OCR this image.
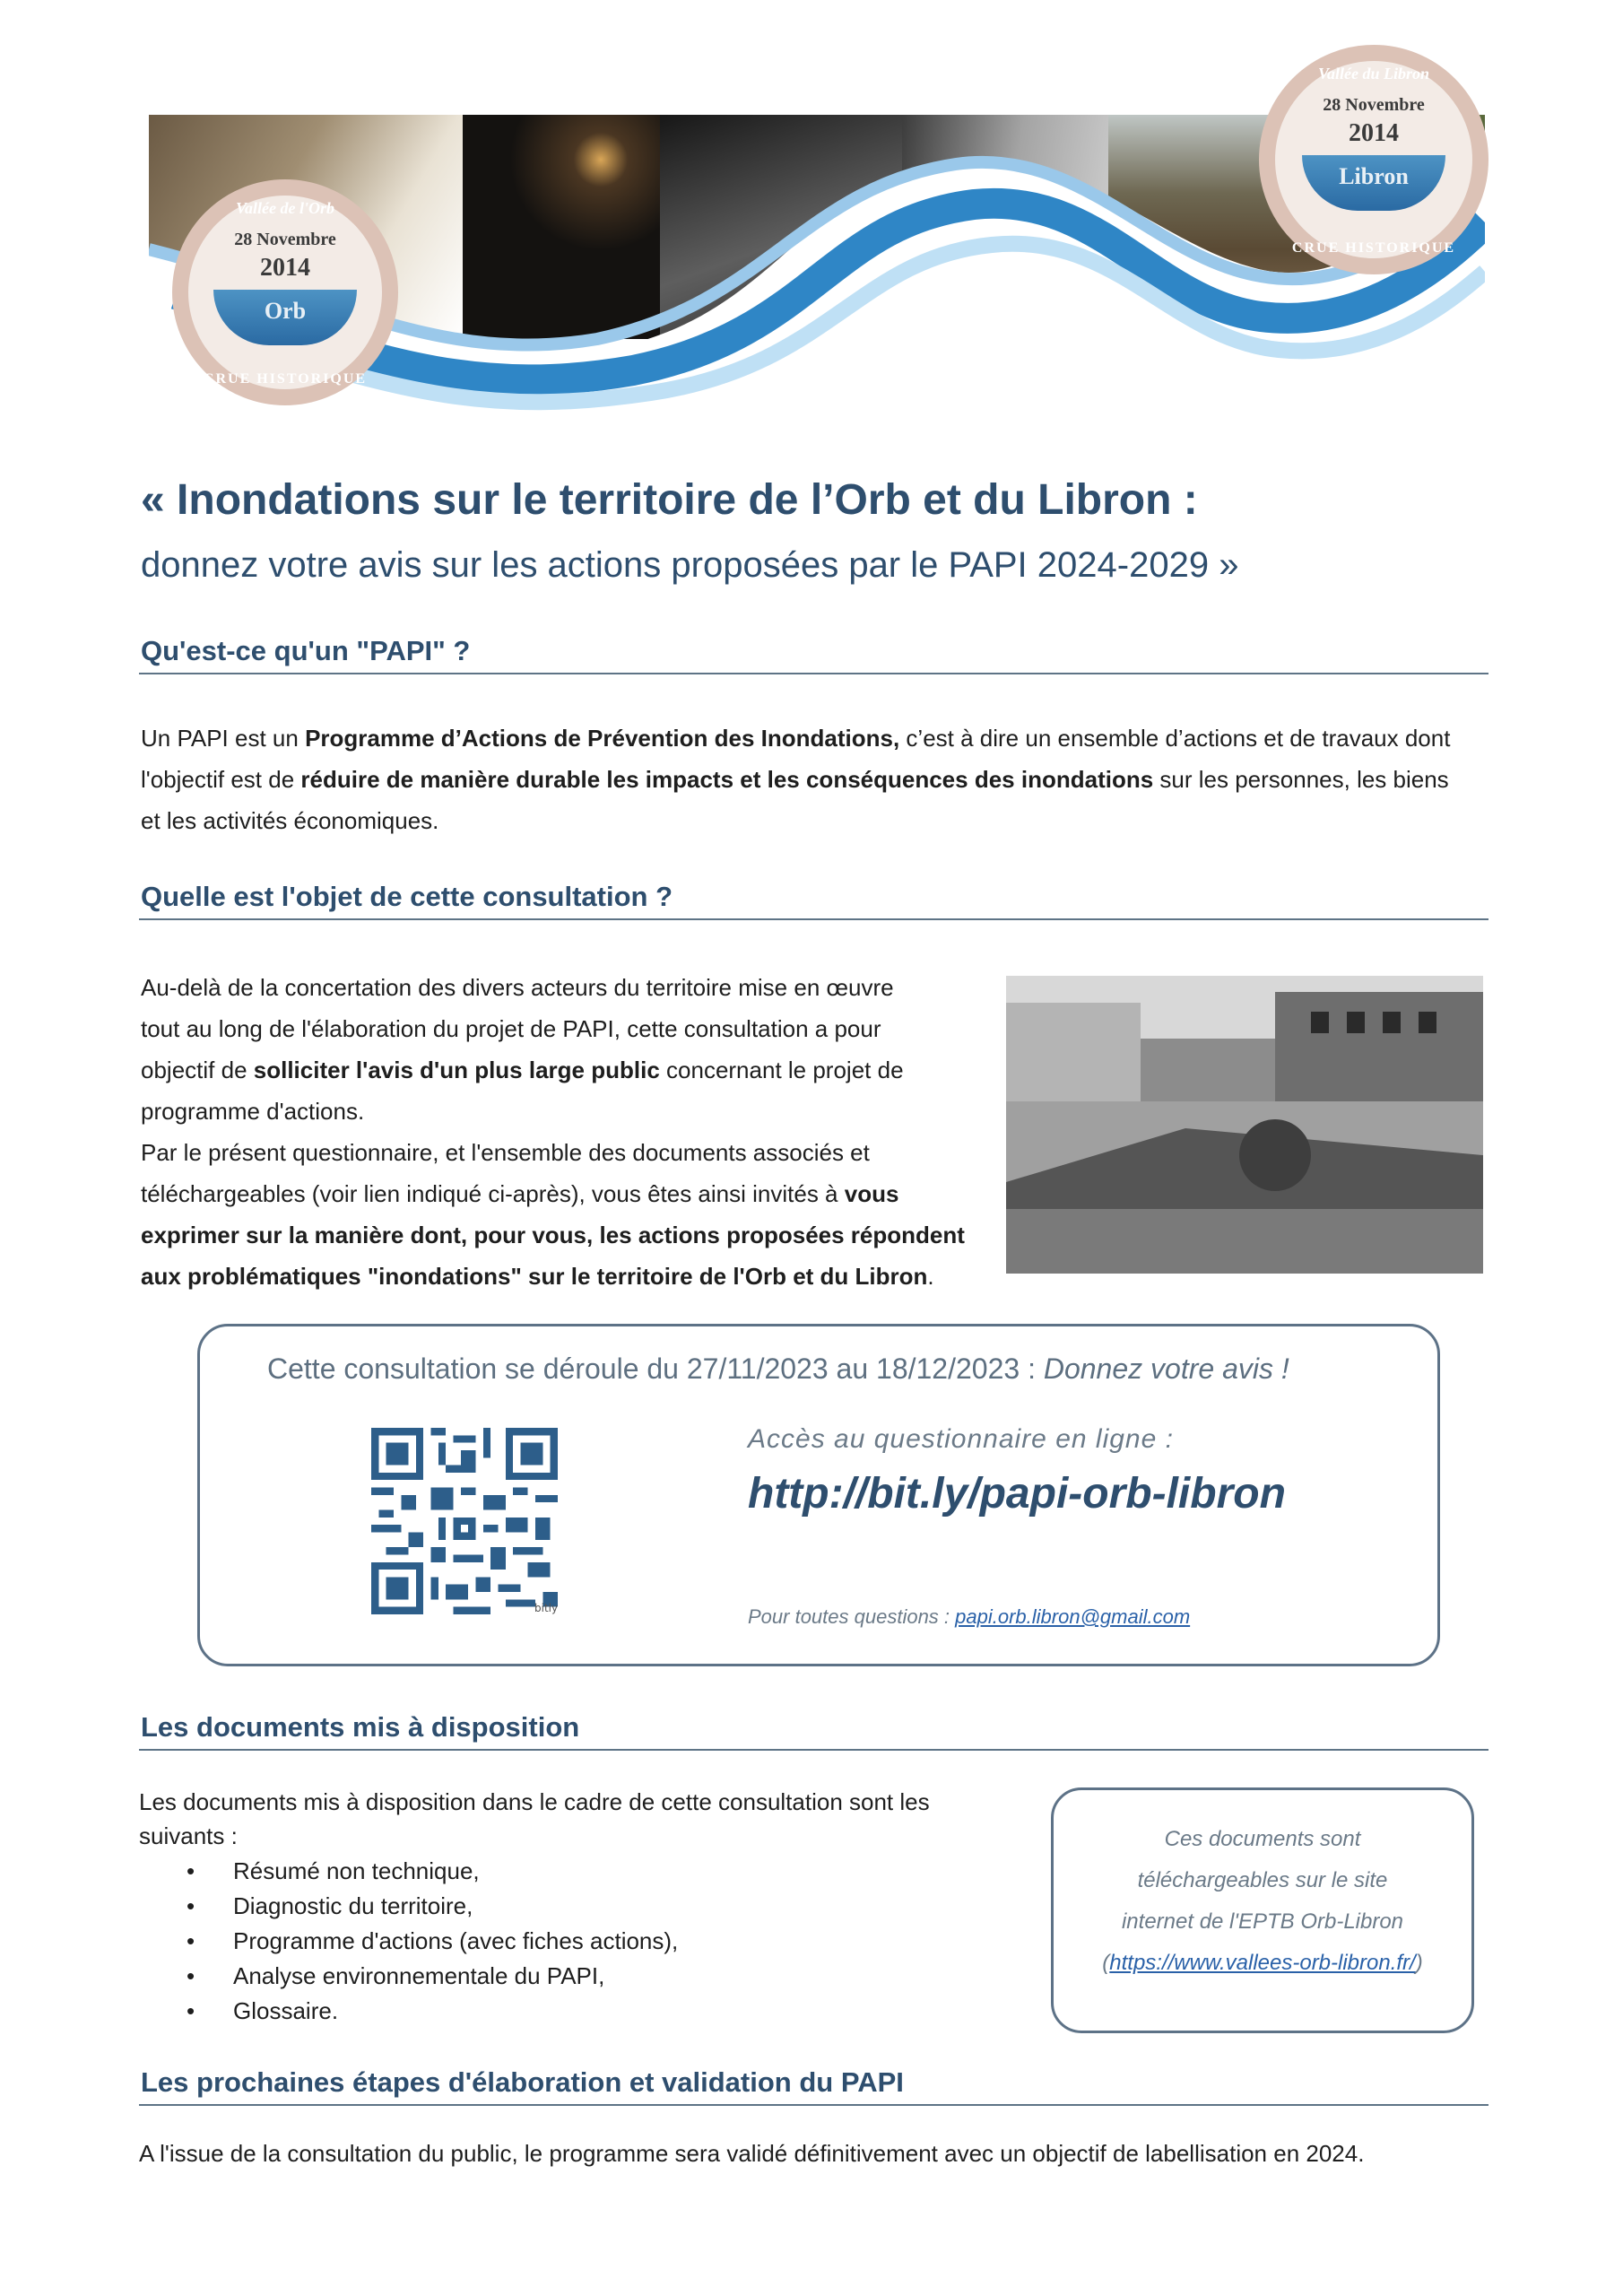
Vallée de l'Orb
28 Novembre
2014
Orb
CRUE HISTORIQUE
Vallée du Libron
28 Novembre
2014
Libron
CRUE HISTORIQUE
« Inondations sur le territoire de l’Orb et du Libron :
donnez votre avis sur les actions proposées par le PAPI 2024-2029 »
Qu'est-ce qu'un "PAPI" ?
Un PAPI est un Programme d’Actions de Prévention des Inondations, c’est à dire un ensemble d’actions et de travaux dont
l'objectif est de réduire de manière durable les impacts et les conséquences des inondations sur les personnes, les biens
et les activités économiques.
Quelle est l'objet de cette consultation ?
Au-delà de la concertation des divers acteurs du territoire mise en œuvre
tout au long de l'élaboration du projet de PAPI, cette consultation a pour
objectif de solliciter l'avis d'un plus large public concernant le projet de
programme d'actions.
Par le présent questionnaire, et l'ensemble des documents associés et
téléchargeables (voir lien indiqué ci-après), vous êtes ainsi invités à vous
exprimer sur la manière dont, pour vous, les actions proposées répondent
aux problématiques "inondations" sur le territoire de l'Orb et du Libron.
Cette consultation se déroule du 27/11/2023 au 18/12/2023 : Donnez votre avis !
bitly
Accès au questionnaire en ligne :
http://bit.ly/papi-orb-libron
Pour toutes questions : papi.orb.libron@gmail.com
Les documents mis à disposition
Les documents mis à disposition dans le cadre de cette consultation sont les suivants :
• Résumé non technique,
• Diagnostic du territoire,
• Programme d'actions (avec fiches actions),
• Analyse environnementale du PAPI,
• Glossaire.
Ces documents sont
téléchargeables sur le site
internet de l'EPTB Orb-Libron
(https://www.vallees-orb-libron.fr/)
Les prochaines étapes d'élaboration et validation du PAPI
A l'issue de la consultation du public, le programme sera validé définitivement avec un objectif de labellisation en 2024.
